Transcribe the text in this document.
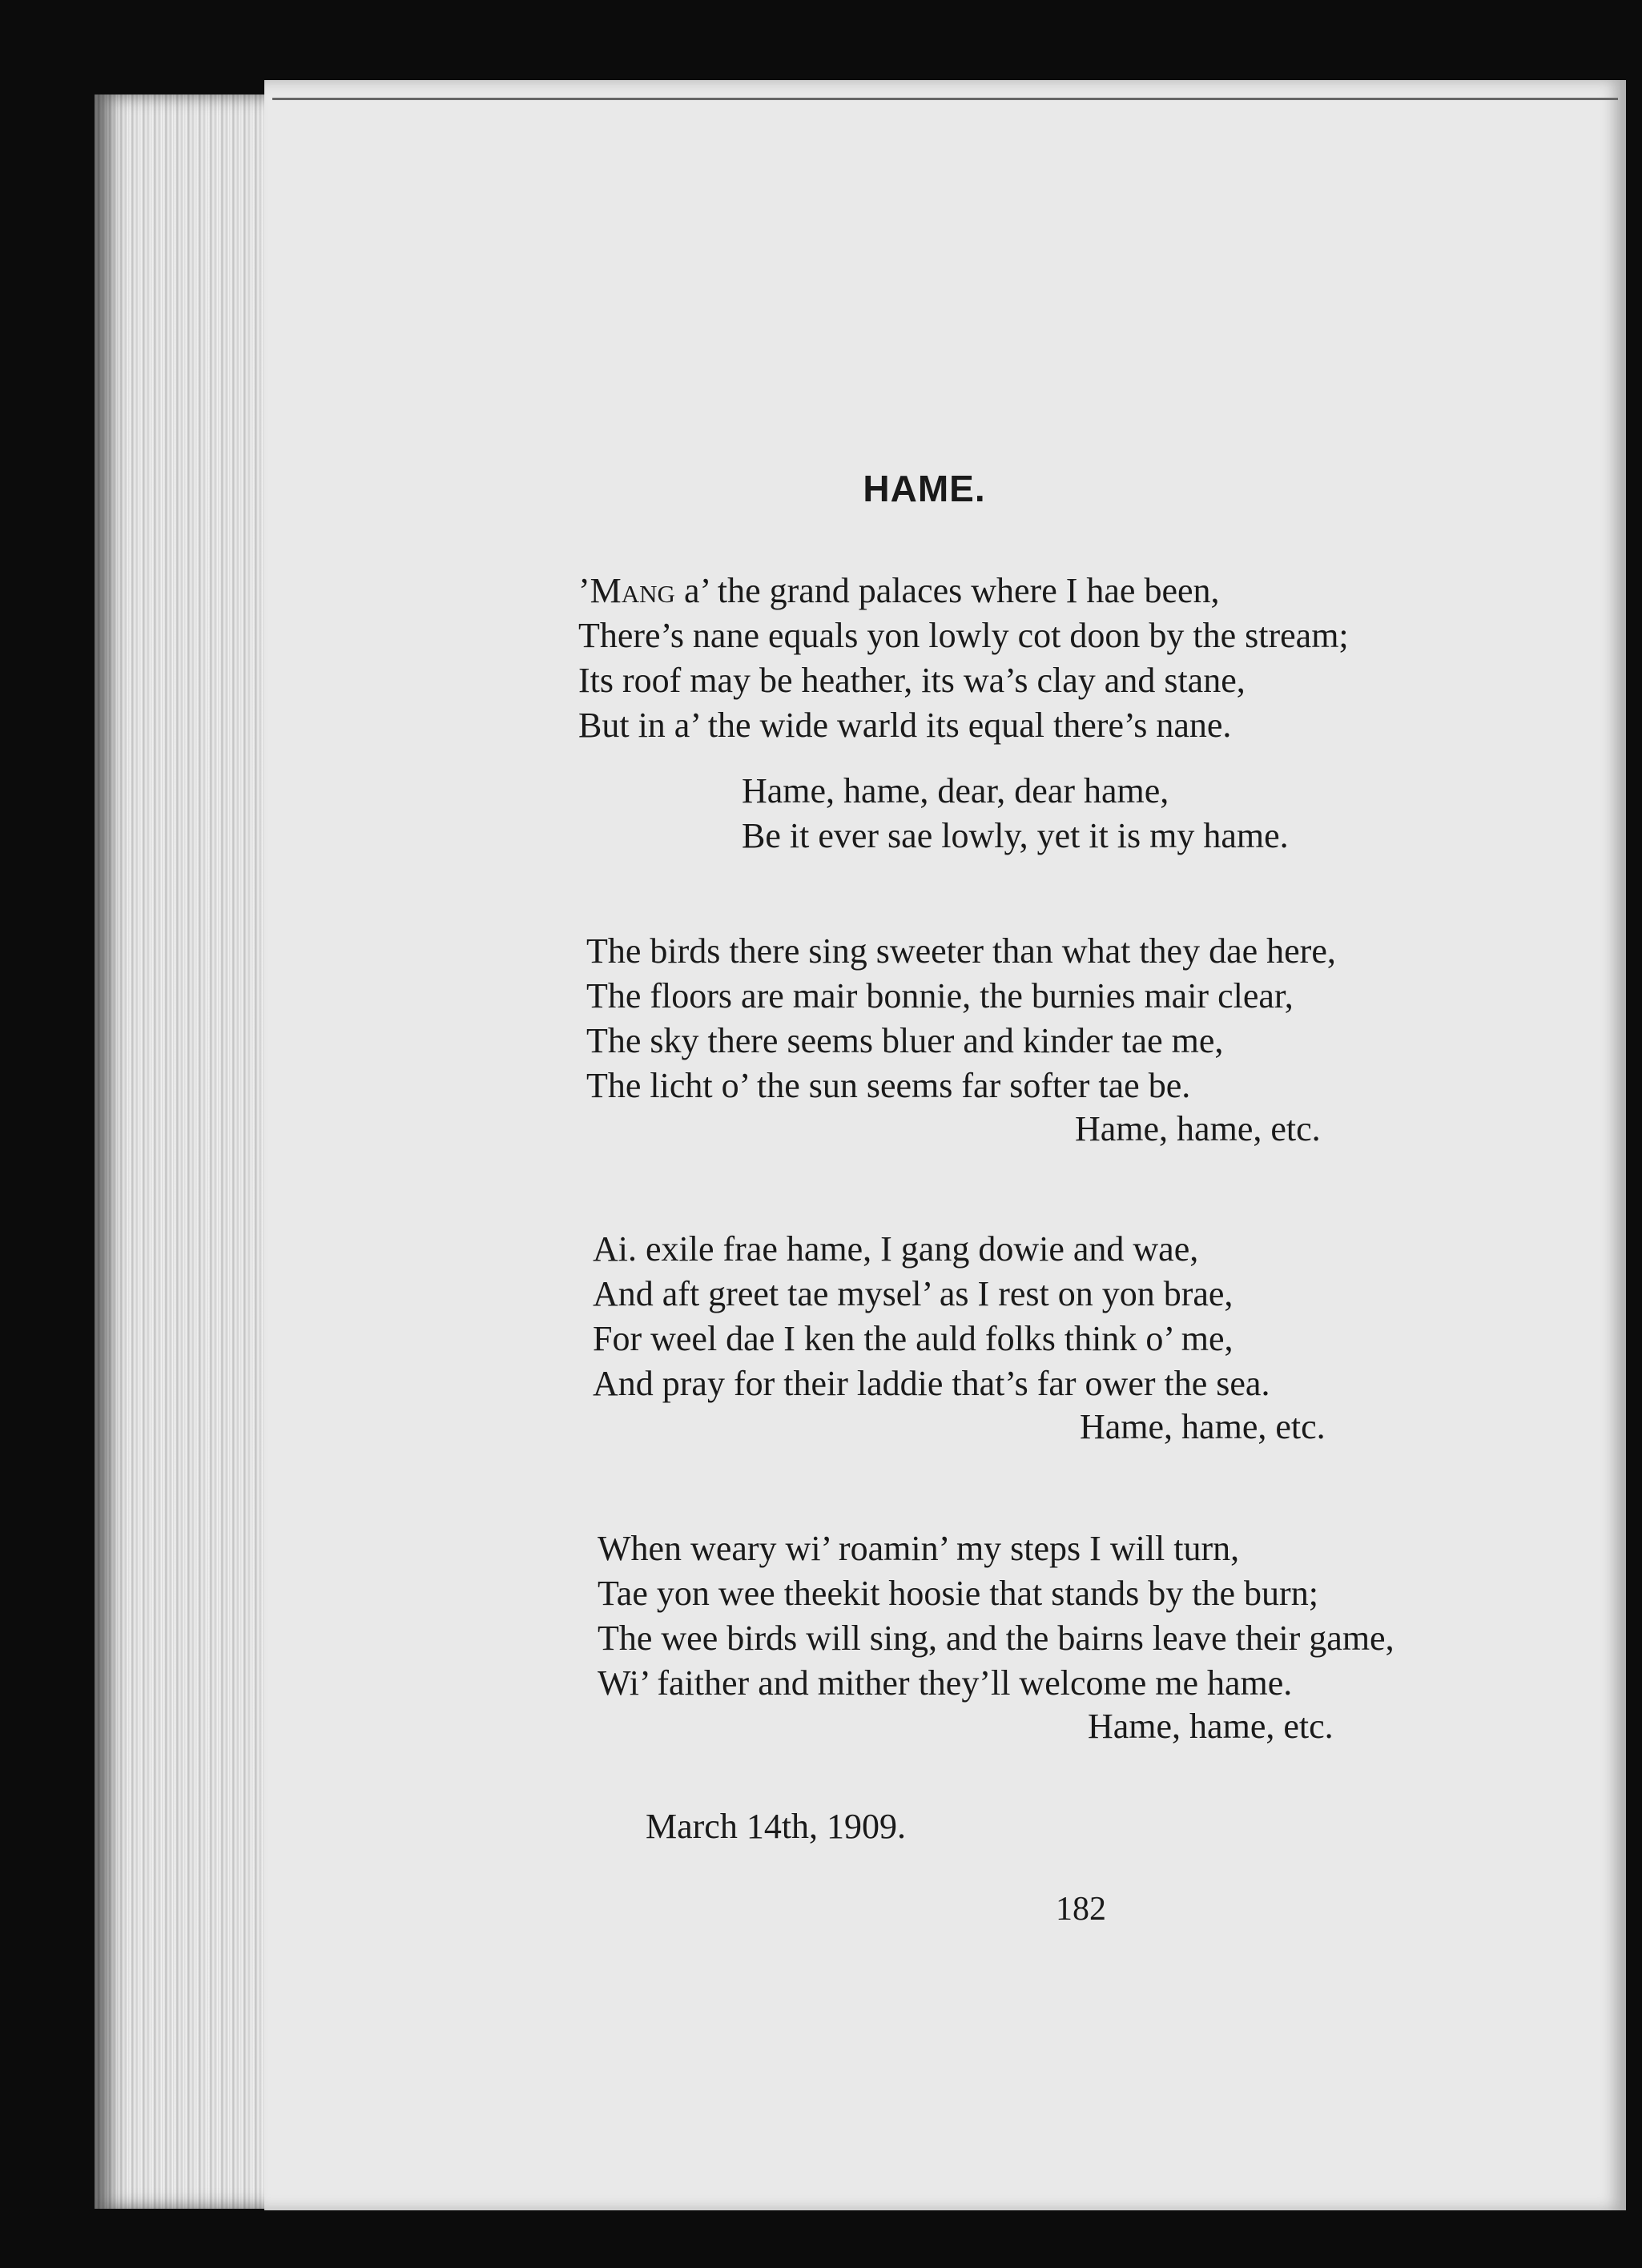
HAME.
’Mang a’ the grand palaces where I hae been,
There’s nane equals yon lowly cot doon by the stream;
Its roof may be heather, its wa’s clay and stane,
But in a’ the wide warld its equal there’s nane.
Hame, hame, dear, dear hame,
Be it ever sae lowly, yet it is my hame.
The birds there sing sweeter than what they dae here,
The floors are mair bonnie, the burnies mair clear,
The sky there seems bluer and kinder tae me,
The licht o’ the sun seems far softer tae be.
Hame, hame, etc.
Ai. exile frae hame, I gang dowie and wae,
And aft greet tae mysel’ as I rest on yon brae,
For weel dae I ken the auld folks think o’ me,
And pray for their laddie that’s far ower the sea.
Hame, hame, etc.
When weary wi’ roamin’ my steps I will turn,
Tae yon wee theekit hoosie that stands by the burn;
The wee birds will sing, and the bairns leave their game,
Wi’ faither and mither they’ll welcome me hame.
Hame, hame, etc.
March 14th, 1909.
182
